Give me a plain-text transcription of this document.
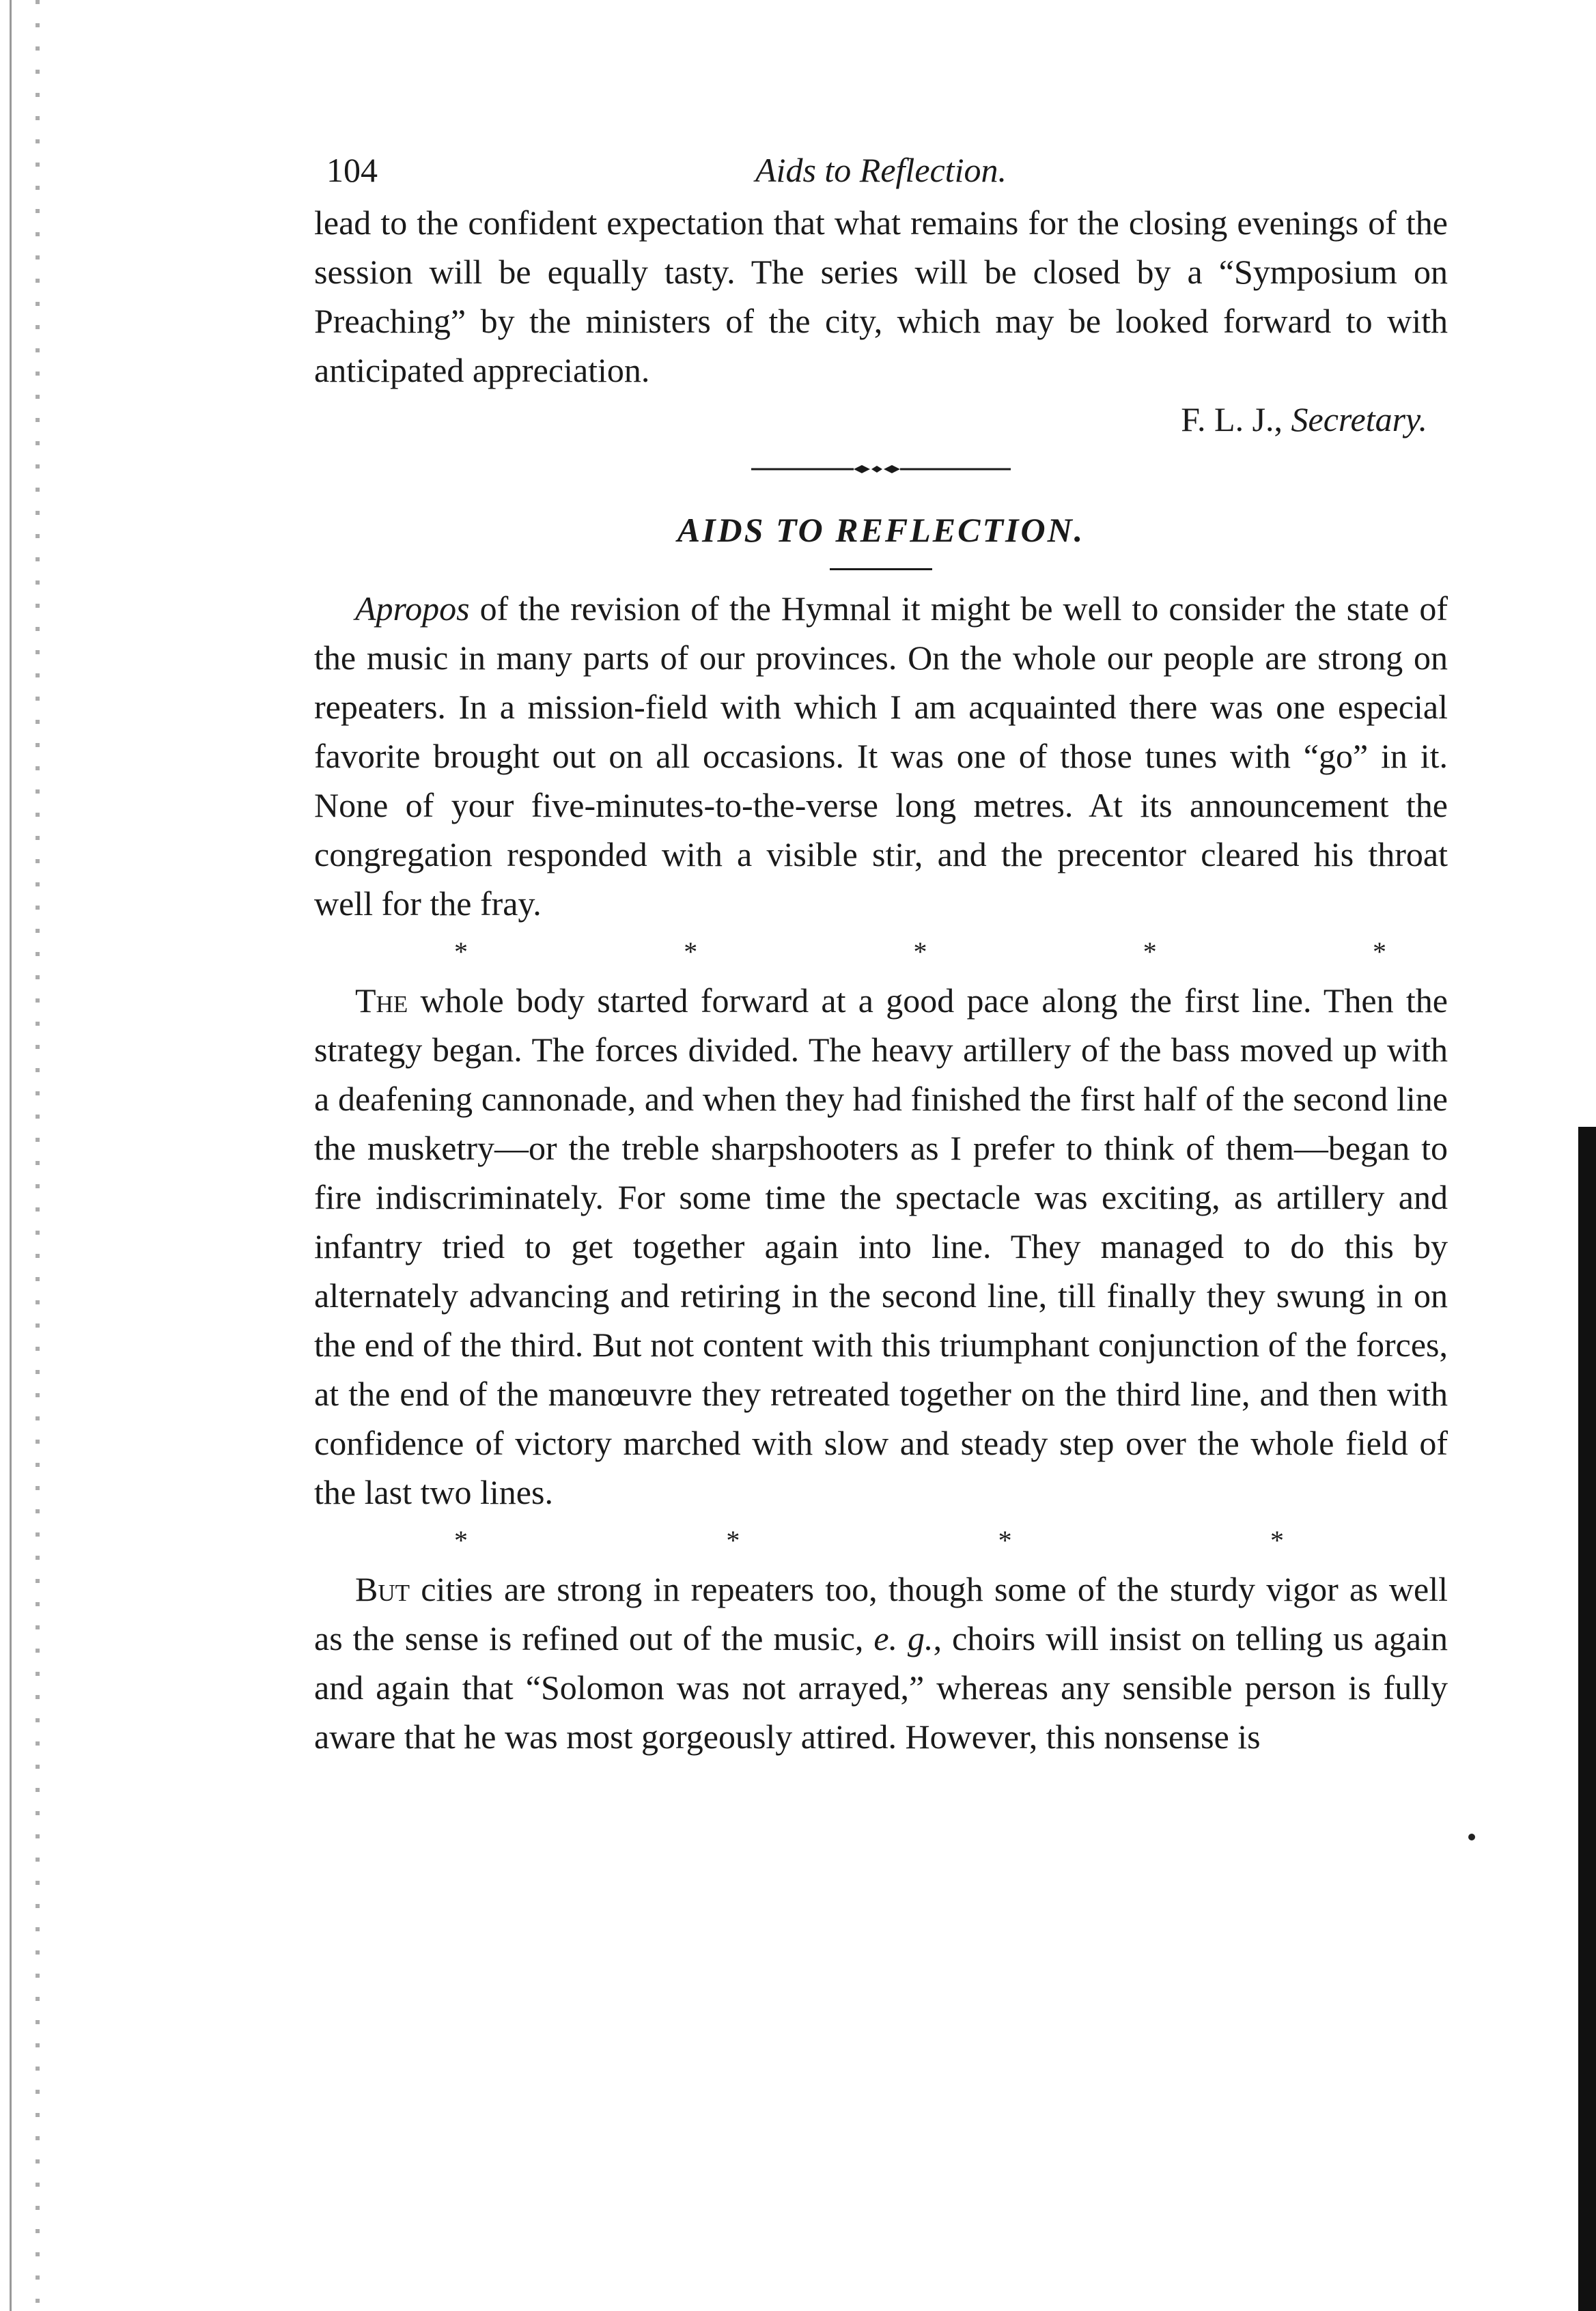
104	Aids to Reflection.

lead to the confident expectation that what remains for the closing evenings of the session will be equally tasty. The series will be closed by a “Symposium on Preaching” by the ministers of the city, which may be looked forward to with anticipated appreciation.

F. L. J., Secretary.
AIDS TO REFLECTION.

Apropos of the revision of the Hymnal it might be well to consider the state of the music in many parts of our provinces. On the whole our people are strong on repeaters. In a mission-field with which I am acquainted there was one especial favorite brought out on all occasions. It was one of those tunes with “go” in it. None of your five-minutes-to-the-verse long metres. At its announcement the congregation responded with a visible stir, and the precentor cleared his throat well for the fray.

*	*	*	*	*

The whole body started forward at a good pace along the first line. Then the strategy began. The forces divided. The heavy artillery of the bass moved up with a deafening cannonade, and when they had finished the first half of the second line the musketry—or the treble sharpshooters as I prefer to think of them—began to fire indiscriminately. For some time the spectacle was exciting, as artillery and infantry tried to get together again into line. They managed to do this by alternately advancing and retiring in the second line, till finally they swung in on the end of the third. But not content with this triumphant conjunction of the forces, at the end of the manœuvre they retreated together on the third line, and then with confidence of victory marched with slow and steady step over the whole field of the last two lines.

*	*	*	*

But cities are strong in repeaters too, though some of the sturdy vigor as well as the sense is refined out of the music, e. g., choirs will insist on telling us again and again that “Solomon was not arrayed,” whereas any sensible person is fully aware that he was most gorgeously attired. However, this nonsense is
